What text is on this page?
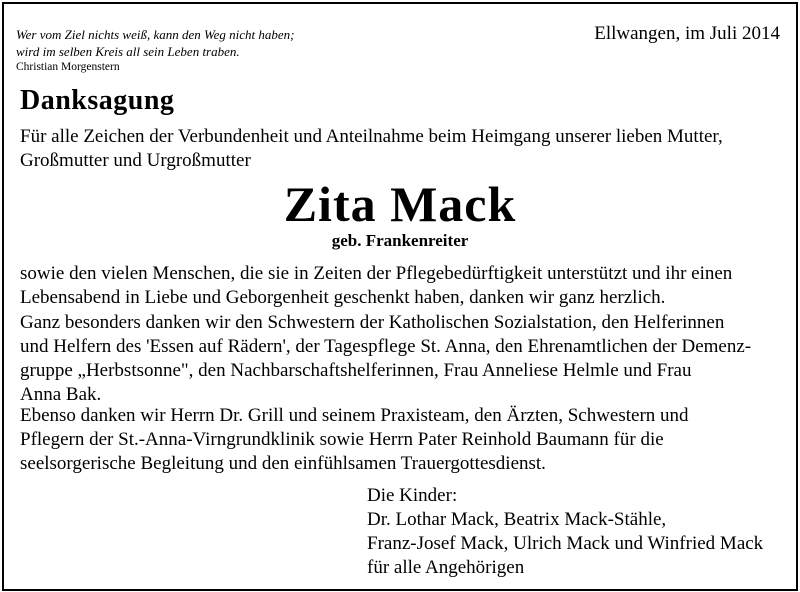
Wer vom Ziel nichts weiß, kann den Weg nicht haben;
wird im selben Kreis all sein Leben traben.
Christian Morgenstern
Ellwangen, im Juli 2014
Danksagung
Für alle Zeichen der Verbundenheit und Anteilnahme beim Heimgang unserer lieben Mutter,
Großmutter und Urgroßmutter
Zita Mack
geb. Frankenreiter
sowie den vielen Menschen, die sie in Zeiten der Pflegebedürftigkeit unterstützt und ihr einen
Lebensabend in Liebe und Geborgenheit geschenkt haben, danken wir ganz herzlich.
Ganz besonders danken wir den Schwestern der Katholischen Sozialstation, den Helferinnen
und Helfern des 'Essen auf Rädern', der Tagespflege St. Anna, den Ehrenamtlichen der Demenz-
gruppe „Herbstsonne", den Nachbarschaftshelferinnen, Frau Anneliese Helmle und Frau
Anna Bak.
Ebenso danken wir Herrn Dr. Grill und seinem Praxisteam, den Ärzten, Schwestern und
Pflegern der St.-Anna-Virngrundklinik sowie Herrn Pater Reinhold Baumann für die
seelsorgerische Begleitung und den einfühlsamen Trauergottesdienst.
Die Kinder:
Dr. Lothar Mack, Beatrix Mack-Stähle,
Franz-Josef Mack, Ulrich Mack und Winfried Mack
für alle Angehörigen
